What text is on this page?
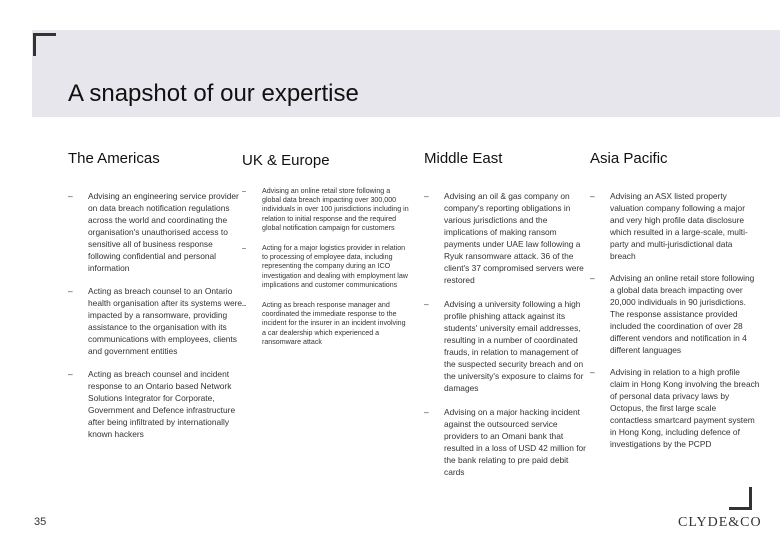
A snapshot of our expertise
The Americas
– Advising an engineering service provider on data breach notification regulations across the world and coordinating the organisation's unauthorised access to sensitive all of business response following confidential and personal information
– Acting as breach counsel to an Ontario health organisation after its systems were impacted by a ransomware, providing assistance to the organisation with its communications with employees, clients and government entities
– Acting as breach counsel and incident response to an Ontario based Network Solutions Integrator for Corporate, Government and Defence infrastructure after being infiltrated by internationally known hackers
UK & Europe
– Advising an online retail store following a global data breach impacting over 300,000 individuals in over 100 jurisdictions including in relation to initial response and the required global notification campaign for customers
– Acting for a major logistics provider in relation to processing of employee data, including representing the company during an ICO investigation and dealing with employment law implications and customer communications
– Acting as breach response manager and coordinated the immediate response to the incident for the insurer in an incident involving a car dealership which experienced a ransomware attack
Middle East
– Advising an oil & gas company on company's reporting obligations in various jurisdictions and the implications of making ransom payments under UAE law following a Ryuk ransomware attack. 36 of the client's 37 compromised servers were restored
– Advising a university following a high profile phishing attack against its students' university email addresses, resulting in a number of coordinated frauds, in relation to management of the suspected security breach and on the university's exposure to claims for damages
– Advising on a major hacking incident against the outsourced service providers to an Omani bank that resulted in a loss of USD 42 million for the bank relating to pre paid debit cards
Asia Pacific
– Advising an ASX listed property valuation company following a major and very high profile data disclosure which resulted in a large-scale, multi-party and multi-jurisdictional data breach
– Advising an online retail store following a global data breach impacting over 20,000 individuals in 90 jurisdictions. The response assistance provided included the coordination of over 28 different vendors and notification in 4 different languages
– Advising in relation to a high profile claim in Hong Kong involving the breach of personal data privacy laws by Octopus, the first large scale contactless smartcard payment system in Hong Kong, including defence of investigations by the PCPD
35	CLYDE&CO
